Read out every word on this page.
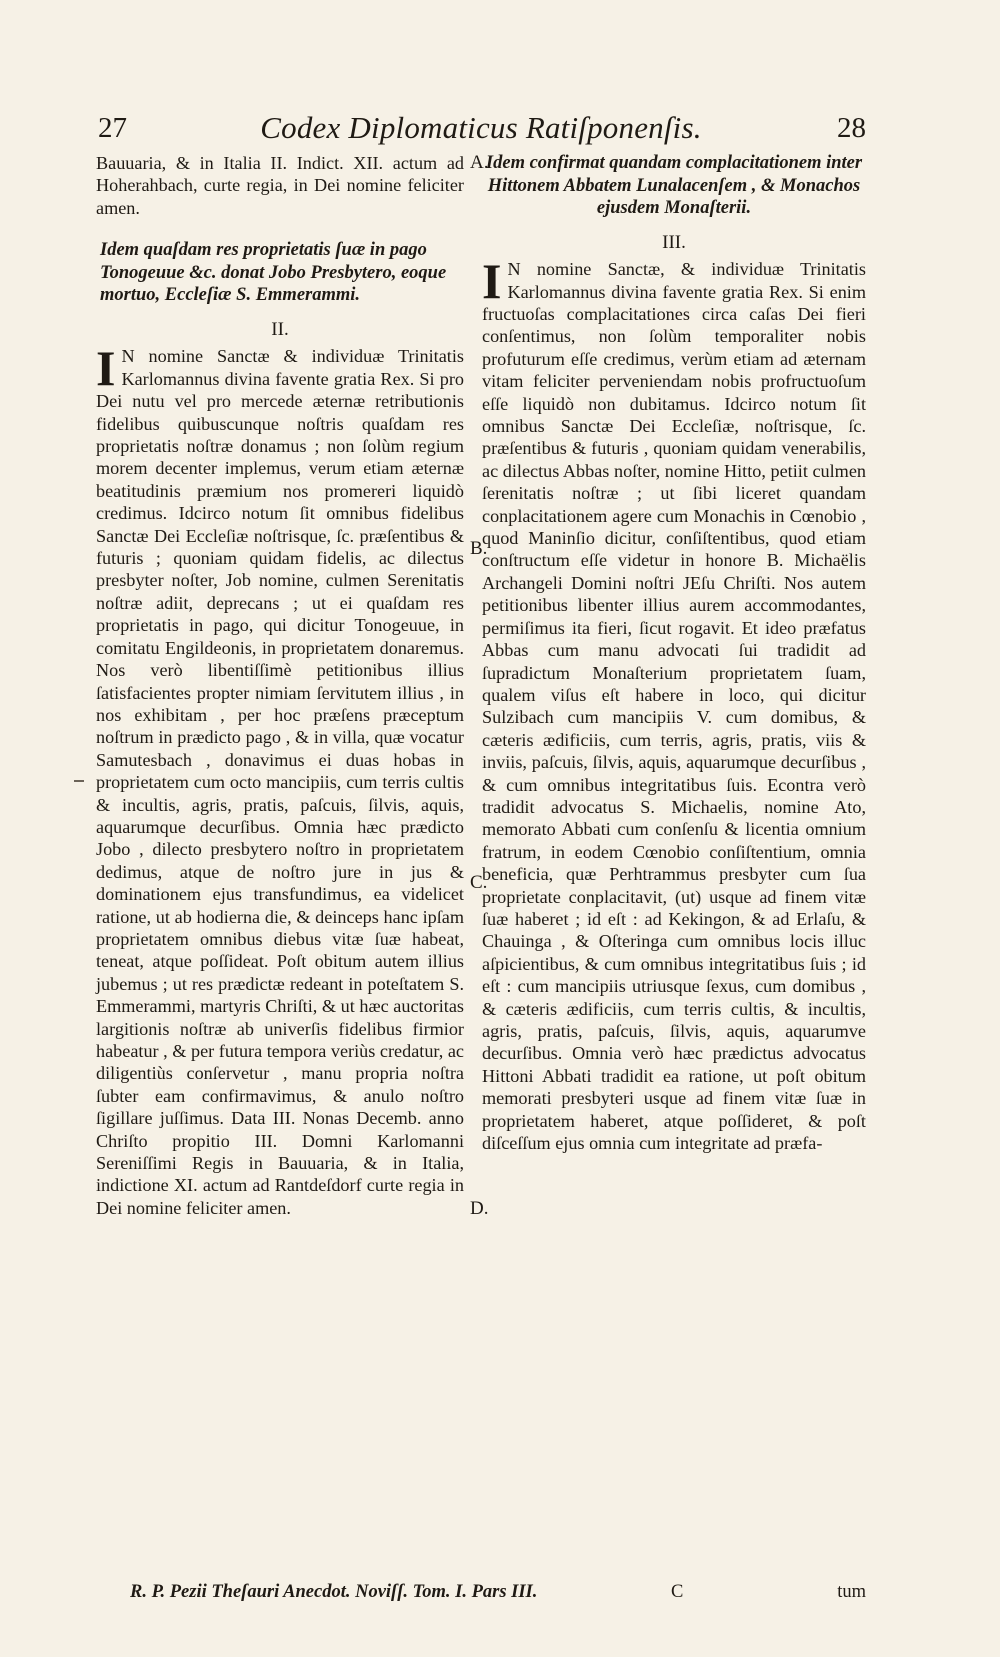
27	Codex Diplomaticus Ratiſponenſis.	28

Bauuaria, & in Italia II. Indict. XII. actum ad Hoherahbach, curte regia, in Dei nomine feliciter amen.

Idem quaſdam res proprietatis ſuæ in pago Tonogeuue &c. donat Jobo Presbytero, eoque mortuo, Eccleſiæ S. Emmerammi.

II.

I N nomine Sanctæ & individuæ Trinitatis Karlomannus divina favente gratia Rex. Si pro Dei nutu vel pro mercede æternæ retributionis fidelibus quibuscunque noſtris quaſdam res proprietatis noſtræ donamus ; non ſolùm regium morem decenter implemus, verum etiam æternæ beatitudinis præmium nos promereri liquidò credimus. Idcirco notum ſit omnibus fidelibus Sanctæ Dei Eccleſiæ noſtrisque, ſc. præſentibus & futuris ; quoniam quidam fidelis, ac dilectus presbyter noſter, Job nomine, culmen Serenitatis noſtræ adiit, deprecans ; ut ei quaſdam res proprietatis in pago, qui dicitur Tonogeuue, in comitatu Engildeonis, in proprietatem donaremus. Nos verò libentiſſimè petitionibus illius ſatisfacientes propter nimiam ſervitutem illius , in nos exhibitam , per hoc præſens præceptum noſtrum in prædicto pago , & in villa, quæ vocatur Samutesbach , donavimus ei duas hobas in proprietatem cum octo mancipiis, cum terris cultis & incultis, agris, pratis, paſcuis, ſilvis, aquis, aquarumque decurſibus. Omnia hæc prædicto Jobo , dilecto presbytero noſtro in proprietatem dedimus, atque de noſtro jure in jus & dominationem ejus transfundimus, ea videlicet ratione, ut ab hodierna die, & deinceps hanc ipſam proprietatem omnibus diebus vitæ ſuæ habeat, teneat, atque poſſideat. Poſt obitum autem illius jubemus ; ut res prædictæ redeant in poteſtatem S. Emmerammi, martyris Chriſti, & ut hæc auctoritas largitionis noſtræ ab univerſis fidelibus firmior habeatur , & per futura tempora veriùs credatur, ac diligentiùs conſervetur , manu propria noſtra ſubter eam confirmavimus, & anulo noſtro ſigillare juſſimus. Data III. Nonas Decemb. anno Chriſto propitio III. Domni Karlomanni Sereniſſimi Regis in Bauuaria, & in Italia, indictione XI. actum ad Rantdeſdorf curte regia in Dei nomine feliciter amen.

A.
B.
C.
D.

Idem confirmat quandam complacitationem inter Hittonem Abbatem Lunalacenſem , & Monachos ejusdem Monaſterii.

III.

I N nomine Sanctæ, & individuæ Trinitatis Karlomannus divina favente gratia Rex. Si enim fructuoſas complacitationes circa caſas Dei fieri conſentimus, non ſolùm temporaliter nobis profuturum eſſe credimus, verùm etiam ad æternam vitam feliciter perveniendam nobis profructuoſum eſſe liquidò non dubitamus. Idcirco notum ſit omnibus Sanctæ Dei Eccleſiæ, noſtrisque, ſc. præſentibus & futuris , quoniam quidam venerabilis, ac dilectus Abbas noſter, nomine Hitto, petiit culmen ſerenitatis noſtræ ; ut ſibi liceret quandam conplacitationem agere cum Monachis in Cœnobio , quod Maninſio dicitur, conſiſtentibus, quod etiam conſtructum eſſe videtur in honore B. Michaëlis Archangeli Domini noſtri JEſu Chriſti. Nos autem petitionibus libenter illius aurem accommodantes, permiſimus ita fieri, ſicut rogavit. Et ideo præfatus Abbas cum manu advocati ſui tradidit ad ſupradictum Monaſterium proprietatem ſuam, qualem viſus eſt habere in loco, qui dicitur Sulzibach cum mancipiis V. cum domibus, & cæteris ædificiis, cum terris, agris, pratis, viis & inviis, paſcuis, ſilvis, aquis, aquarumque decurſibus , & cum omnibus integritatibus ſuis. Econtra verò tradidit advocatus S. Michaelis, nomine Ato, memorato Abbati cum conſenſu & licentia omnium fratrum, in eodem Cœnobio conſiſtentium, omnia beneficia, quæ Perhtrammus presbyter cum ſua proprietate conplacitavit, (ut) usque ad finem vitæ ſuæ haberet ; id eſt : ad Kekingon, & ad Erlaſu, & Chauinga , & Oſteringa cum omnibus locis illuc aſpicientibus, & cum omnibus integritatibus ſuis ; id eſt : cum mancipiis utriusque ſexus, cum domibus , & cæteris ædificiis, cum terris cultis, & incultis, agris, pratis, paſcuis, ſilvis, aquis, aquarumve decurſibus. Omnia verò hæc prædictus advocatus Hittoni Abbati tradidit ea ratione, ut poſt obitum memorati presbyteri usque ad finem vitæ ſuæ in proprietatem haberet, atque poſſideret, & poſt diſceſſum ejus omnia cum integritate ad præfa-

R. P. Pezii Theſauri Anecdot. Noviſſ. Tom. I. Pars III.	C	tum
